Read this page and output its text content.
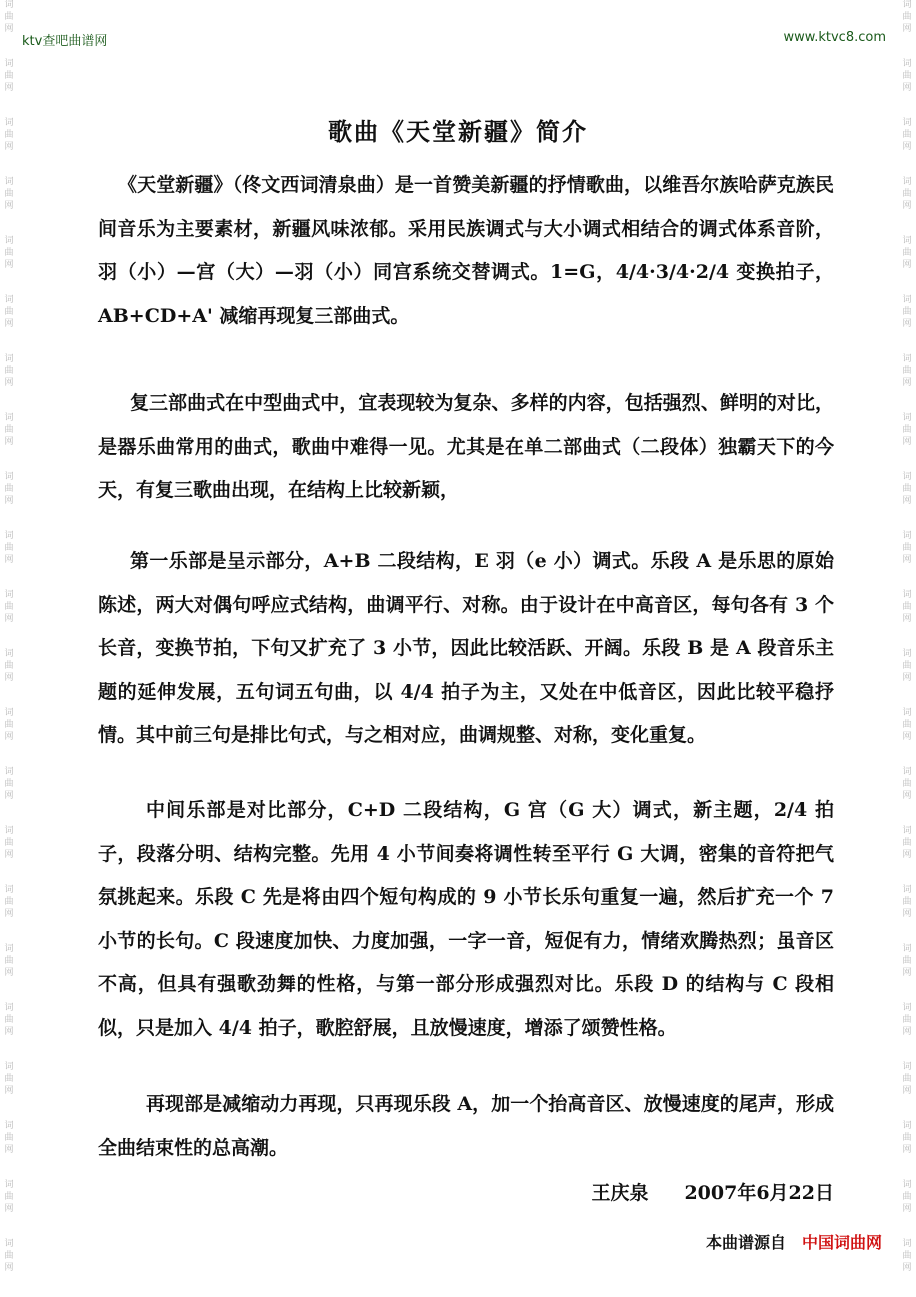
ktv查吧曲谱网	www.ktvc8.com
词
曲
网
词
曲
网
词
曲
网
词
曲
网
词
曲
网
词
曲
网
词
曲
网
词
曲
网
词
曲
网
词
曲
网
词
曲
网
词
曲
网
词
曲
网
词
曲
网
词
曲
网
词
曲
网
词
曲
网
词
曲
网
词
曲
网
词
曲
网
词
曲
网
词
曲
网
词
曲
网
词
曲
网
词
曲
网
词
曲
网
词
曲
网
词
曲
网
词
曲
网
词
曲
网
词
曲
网
词
曲
网
词
曲
网
词
曲
网
词
曲
网
词
曲
网
词
曲
网
词
曲
网
词
曲
网
词
曲
网
词
曲
网
词
曲
网
词
曲
网
词
曲
网
歌曲《天堂新疆》简介
《天堂新疆》（佟文西词清泉曲）是一首赞美新疆的抒情歌曲，以维吾尔族哈萨克族民间音乐为主要素材，新疆风味浓郁。采用民族调式与大小调式相结合的调式体系音阶，羽（小）—宫（大）—羽（小）同宫系统交替调式。1=G，4/4·3/4·2/4 变换拍子，AB+CD+A' 减缩再现复三部曲式。
复三部曲式在中型曲式中，宜表现较为复杂、多样的内容，包括强烈、鲜明的对比，是器乐曲常用的曲式，歌曲中难得一见。尤其是在单二部曲式（二段体）独霸天下的今天，有复三歌曲出现，在结构上比较新颖，
第一乐部是呈示部分，A+B 二段结构，E 羽（e 小）调式。乐段 A 是乐思的原始陈述，两大对偶句呼应式结构，曲调平行、对称。由于设计在中高音区，每句各有 3 个长音，变换节拍，下句又扩充了 3 小节，因此比较活跃、开阔。乐段 B 是 A 段音乐主题的延伸发展，五句词五句曲，以 4/4 拍子为主，又处在中低音区，因此比较平稳抒情。其中前三句是排比句式，与之相对应，曲调规整、对称，变化重复。
中间乐部是对比部分，C+D 二段结构，G 宫（G 大）调式，新主题，2/4 拍子，段落分明、结构完整。先用 4 小节间奏将调性转至平行 G 大调，密集的音符把气氛挑起来。乐段 C 先是将由四个短句构成的 9 小节长乐句重复一遍，然后扩充一个 7 小节的长句。C 段速度加快、力度加强，一字一音，短促有力，情绪欢腾热烈；虽音区不高，但具有强歌劲舞的性格，与第一部分形成强烈对比。乐段 D 的结构与 C 段相似，只是加入 4/4 拍子，歌腔舒展，且放慢速度，增添了颂赞性格。
再现部是减缩动力再现，只再现乐段 A，加一个抬高音区、放慢速度的尾声，形成全曲结束性的总高潮。
王庆泉 2007年6月22日
本曲谱源自 中国词曲网
